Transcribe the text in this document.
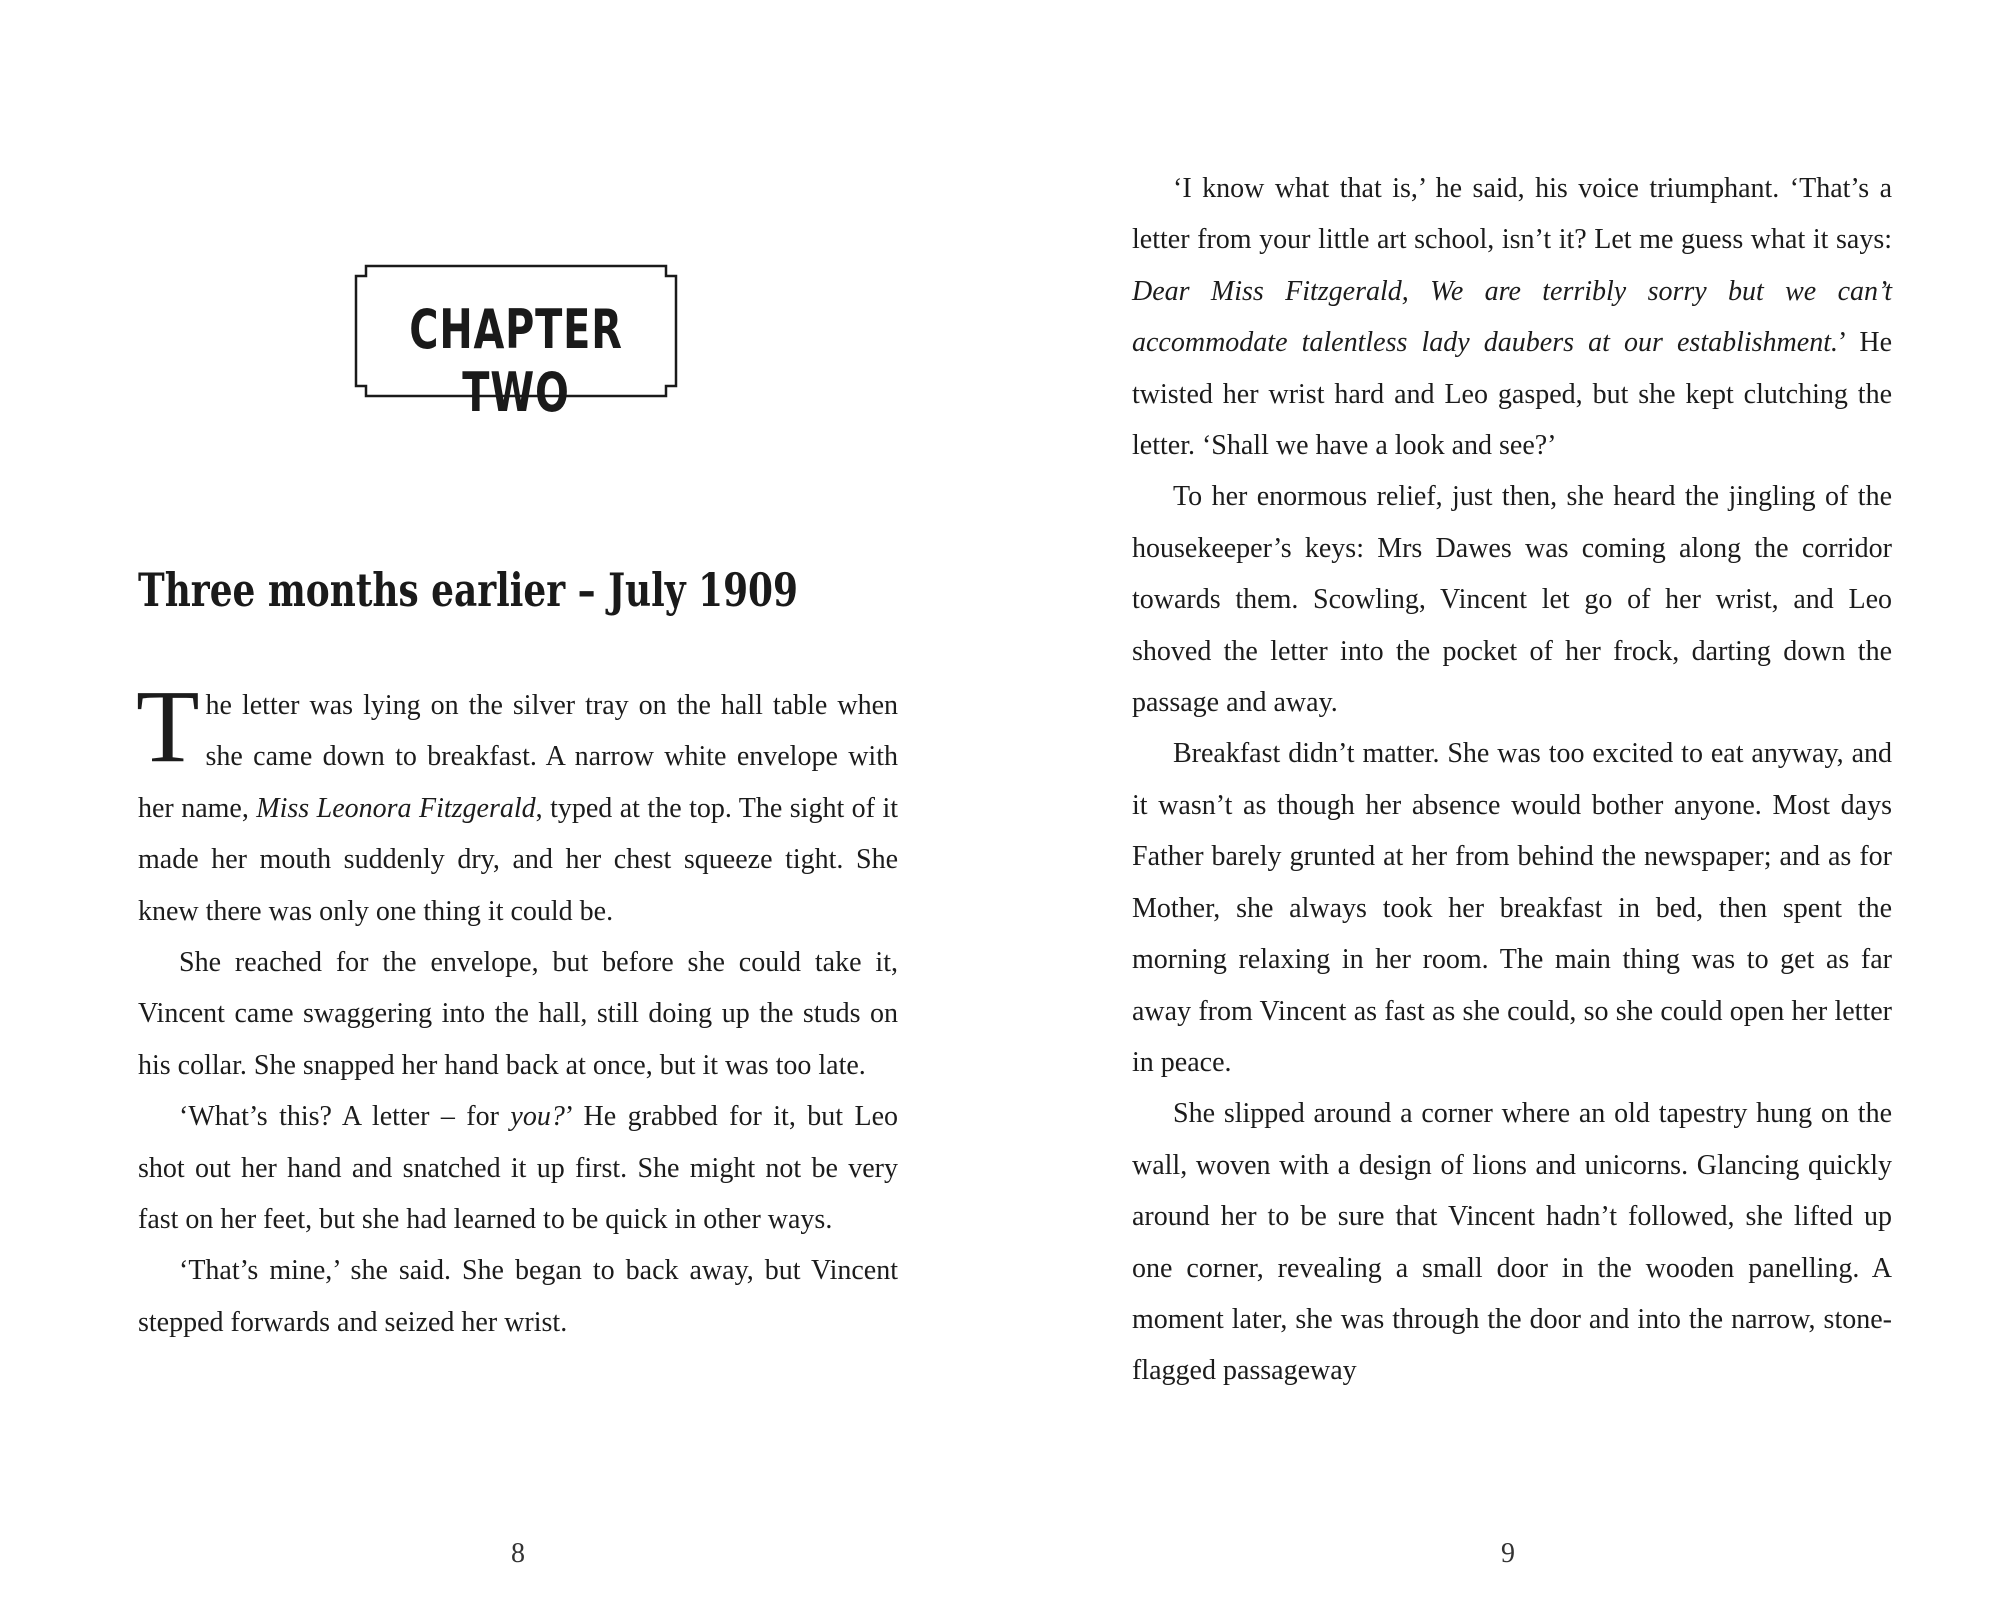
CHAPTER TWO
Three months earlier – July 1909

The letter was lying on the silver tray on the hall table when she came down to breakfast. A narrow white envelope with her name, Miss Leonora Fitzgerald, typed at the top. The sight of it made her mouth suddenly dry, and her chest squeeze tight. She knew there was only one thing it could be.

She reached for the envelope, but before she could take it, Vincent came swaggering into the hall, still doing up the studs on his collar. She snapped her hand back at once, but it was too late.

‘What’s this? A letter – for you?’ He grabbed for it, but Leo shot out her hand and snatched it up first. She might not be very fast on her feet, but she had learned to be quick in other ways.

‘That’s mine,’ she said. She began to back away, but Vincent stepped forwards and seized her wrist.

8

‘I know what that is,’ he said, his voice triumphant. ‘That’s a letter from your little art school, isn’t it? Let me guess what it says: Dear Miss Fitzgerald, We are terribly sorry but we can’t accommodate talentless lady daubers at our establishment.’ He twisted her wrist hard and Leo gasped, but she kept clutching the letter. ‘Shall we have a look and see?’

To her enormous relief, just then, she heard the jingling of the housekeeper’s keys: Mrs Dawes was coming along the corridor towards them. Scowling, Vincent let go of her wrist, and Leo shoved the letter into the pocket of her frock, darting down the passage and away.

Breakfast didn’t matter. She was too excited to eat anyway, and it wasn’t as though her absence would bother anyone. Most days Father barely grunted at her from behind the newspaper; and as for Mother, she always took her breakfast in bed, then spent the morning relaxing in her room. The main thing was to get as far away from Vincent as fast as she could, so she could open her letter in peace.

She slipped around a corner where an old tapestry hung on the wall, woven with a design of lions and unicorns. Glancing quickly around her to be sure that Vincent hadn’t followed, she lifted up one corner, revealing a small door in the wooden panelling. A moment later, she was through the door and into the narrow, stone-flagged passageway

9
